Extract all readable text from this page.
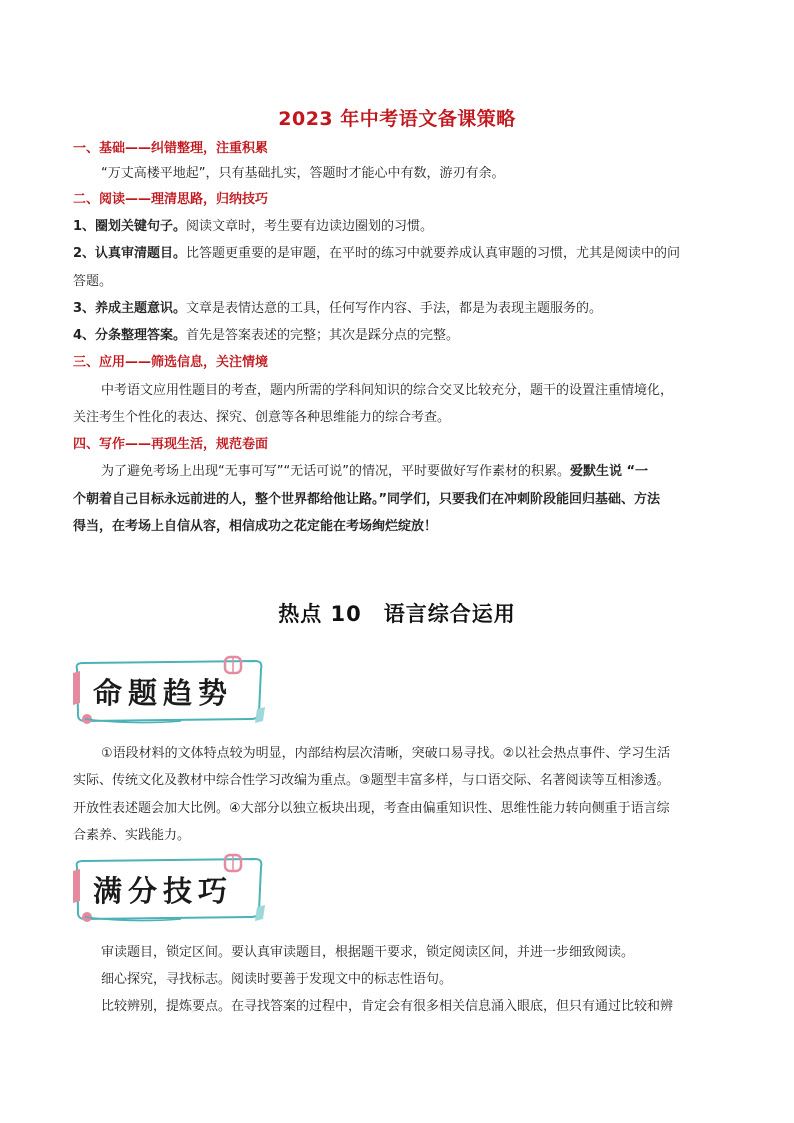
2023 年中考语文备课策略
一、基础——纠错整理，注重积累
“万丈高楼平地起”，只有基础扎实，答题时才能心中有数，游刃有余。
二、阅读——理清思路，归纳技巧
1、圈划关键句子。阅读文章时，考生要有边读边圈划的习惯。
2、认真审清题目。比答题更重要的是审题，在平时的练习中就要养成认真审题的习惯，尤其是阅读中的问
答题。
3、养成主题意识。文章是表情达意的工具，任何写作内容、手法，都是为表现主题服务的。
4、分条整理答案。首先是答案表述的完整；其次是踩分点的完整。
三、应用——筛选信息，关注情境
中考语文应用性题目的考查，题内所需的学科间知识的综合交叉比较充分，题干的设置注重情境化，
关注考生个性化的表达、探究、创意等各种思维能力的综合考查。
四、写作——再现生活，规范卷面
为了避免考场上出现“无事可写”“无话可说”的情况，平时要做好写作素材的积累。爱默生说 “一
个朝着自己目标永远前进的人，整个世界都给他让路。”同学们，只要我们在冲刺阶段能回归基础、方法
得当，在考场上自信从容，相信成功之花定能在考场绚烂绽放！
热点 10 语言综合运用
命题趋势
①语段材料的文体特点较为明显，内部结构层次清晰，突破口易寻找。②以社会热点事件、学习生活
实际、传统文化及教材中综合性学习改编为重点。③题型丰富多样，与口语交际、名著阅读等互相渗透。
开放性表述题会加大比例。④大部分以独立板块出现，考查由偏重知识性、思维性能力转向侧重于语言综
合素养、实践能力。
满分技巧
审读题目，锁定区间。要认真审读题目，根据题干要求，锁定阅读区间，并进一步细致阅读。
细心探究，寻找标志。阅读时要善于发现文中的标志性语句。
比较辨别，提炼要点。在寻找答案的过程中，肯定会有很多相关信息涌入眼底，但只有通过比较和辨
